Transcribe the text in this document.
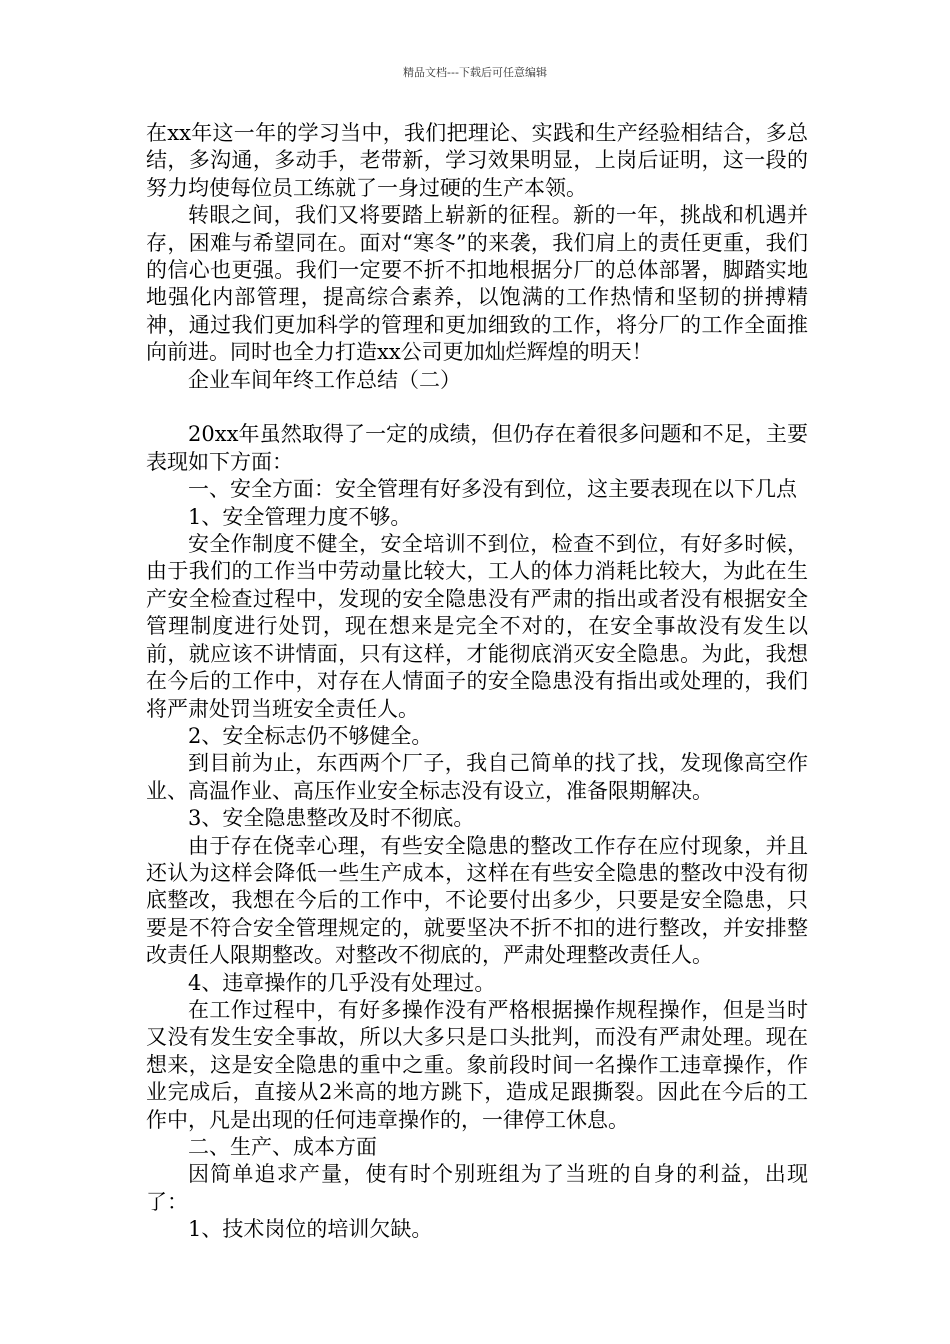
精品文档---下载后可任意编辑

在xx年这一年的学习当中，我们把理论、实践和生产经验相结合，多总结，多沟通，多动手，老带新，学习效果明显，上岗后证明，这一段的努力均使每位员工练就了一身过硬的生产本领。

转眼之间，我们又将要踏上崭新的征程。新的一年，挑战和机遇并存，困难与希望同在。面对“寒冬”的来袭，我们肩上的责任更重，我们的信心也更强。我们一定要不折不扣地根据分厂的总体部署，脚踏实地地强化内部管理，提高综合素养，以饱满的工作热情和坚韧的拼搏精神，通过我们更加科学的管理和更加细致的工作，将分厂的工作全面推向前进。同时也全力打造xx公司更加灿烂辉煌的明天！

企业车间年终工作总结（二）

20xx年虽然取得了一定的成绩，但仍存在着很多问题和不足，主要表现如下方面：

一、安全方面：安全管理有好多没有到位，这主要表现在以下几点

1、安全管理力度不够。

安全作制度不健全，安全培训不到位，检查不到位，有好多时候，由于我们的工作当中劳动量比较大，工人的体力消耗比较大，为此在生产安全检查过程中，发现的安全隐患没有严肃的指出或者没有根据安全管理制度进行处罚，现在想来是完全不对的，在安全事故没有发生以前，就应该不讲情面，只有这样，才能彻底消灭安全隐患。为此，我想在今后的工作中，对存在人情面子的安全隐患没有指出或处理的，我们将严肃处罚当班安全责任人。

2、安全标志仍不够健全。

到目前为止，东西两个厂子，我自己简单的找了找，发现像高空作业、高温作业、高压作业安全标志没有设立，准备限期解决。

3、安全隐患整改及时不彻底。

由于存在侥幸心理，有些安全隐患的整改工作存在应付现象，并且还认为这样会降低一些生产成本，这样在有些安全隐患的整改中没有彻底整改，我想在今后的工作中，不论要付出多少，只要是安全隐患，只要是不符合安全管理规定的，就要坚决不折不扣的进行整改，并安排整改责任人限期整改。对整改不彻底的，严肃处理整改责任人。

4、违章操作的几乎没有处理过。

在工作过程中，有好多操作没有严格根据操作规程操作，但是当时又没有发生安全事故，所以大多只是口头批判，而没有严肃处理。现在想来，这是安全隐患的重中之重。象前段时间一名操作工违章操作，作业完成后，直接从2米高的地方跳下，造成足跟撕裂。因此在今后的工作中，凡是出现的任何违章操作的，一律停工休息。

二、生产、成本方面

因简单追求产量，使有时个别班组为了当班的自身的利益，出现了：

1、技术岗位的培训欠缺。
